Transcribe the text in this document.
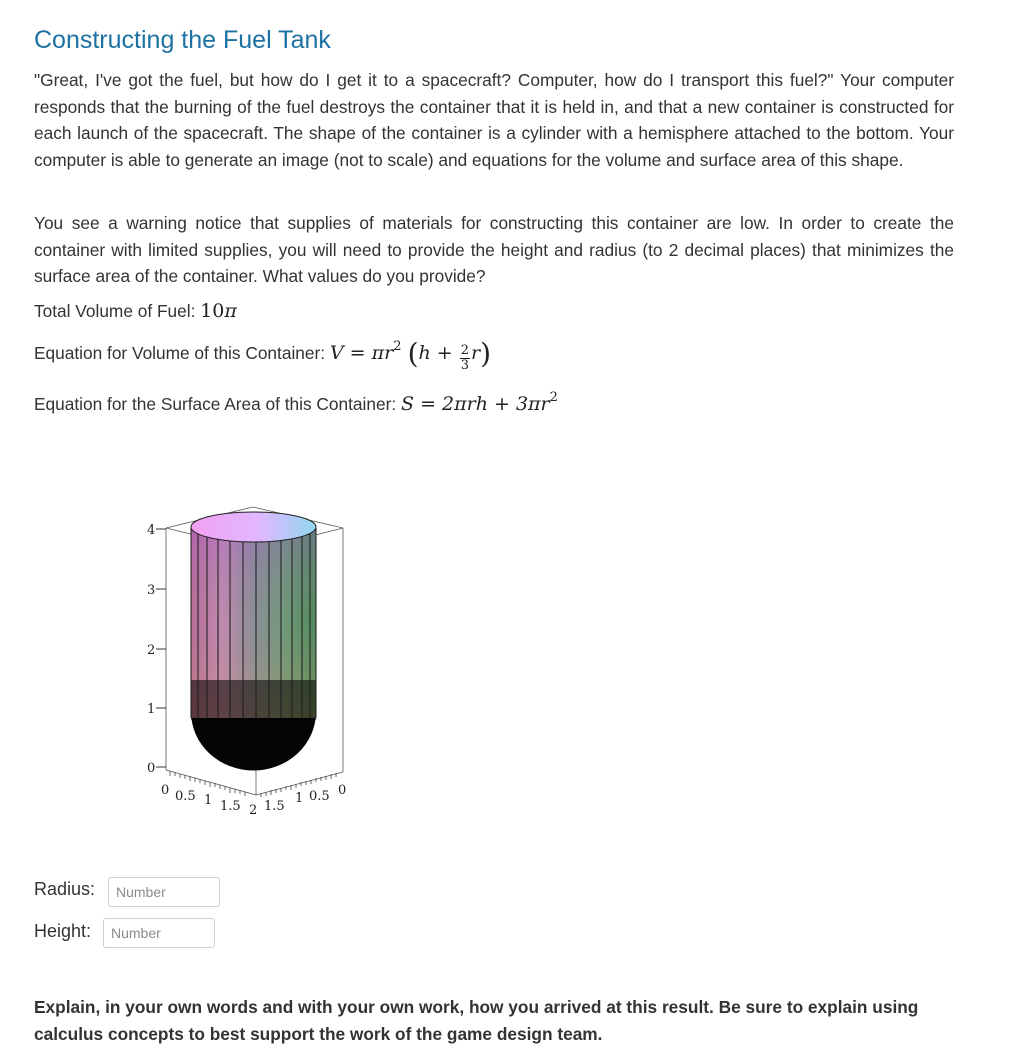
Constructing the Fuel Tank

"Great, I've got the fuel, but how do I get it to a spacecraft? Computer, how do I transport this fuel?" Your computer responds that the burning of the fuel destroys the container that it is held in, and that a new container is constructed for each launch of the spacecraft. The shape of the container is a cylinder with a hemisphere attached to the bottom. Your computer is able to generate an image (not to scale) and equations for the volume and surface area of this shape.

You see a warning notice that supplies of materials for constructing this container are low. In order to create the container with limited supplies, you will need to provide the height and radius (to 2 decimal places) that minimizes the surface area of the container. What values do you provide?

Total Volume of Fuel: 10π
Equation for Volume of this Container: $V = \pi r^2$ $(h + \frac{2}{3} r)$
Equation for the Surface Area of this Container: $S = 2\pi rh + 3\pi r^2$
4
3
2
1
0
0 0.5 1 1.5 2 1.5
1 0.5 0
Radius:
Number
Height:
Number

Explain, in your own words and with your own work, how you arrived at this result. Be sure to explain using calculus concepts to best support the work of the game design team.
